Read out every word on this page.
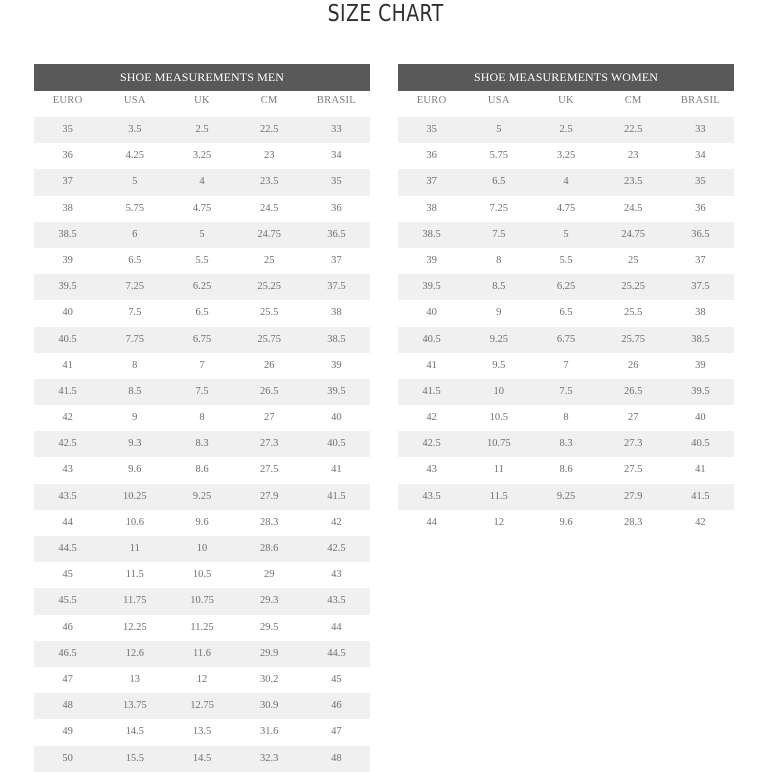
SIZE CHART
SHOE MEASUREMENTS MEN
EURO	USA	UK	CM	BRASIL
35	3.5	2.5	22.5	33
36	4.25	3.25	23	34
37	5	4	23.5	35
38	5.75	4.75	24.5	36
38.5	6	5	24.75	36.5
39	6.5	5.5	25	37
39.5	7.25	6.25	25.25	37.5
40	7.5	6.5	25.5	38
40.5	7.75	6.75	25.75	38.5
41	8	7	26	39
41.5	8.5	7.5	26.5	39.5
42	9	8	27	40
42.5	9.3	8.3	27.3	40.5
43	9.6	8.6	27.5	41
43.5	10.25	9.25	27.9	41.5
44	10.6	9.6	28.3	42
44.5	11	10	28.6	42.5
45	11.5	10.5	29	43
45.5	11.75	10.75	29.3	43.5
46	12.25	11.25	29.5	44
46.5	12.6	11.6	29.9	44.5
47	13	12	30.2	45
48	13.75	12.75	30.9	46
49	14.5	13.5	31.6	47
50	15.5	14.5	32.3	48
SHOE MEASUREMENTS WOMEN
EURO	USA	UK	CM	BRASIL
35	5	2.5	22.5	33
36	5.75	3.25	23	34
37	6.5	4	23.5	35
38	7.25	4.75	24.5	36
38.5	7.5	5	24.75	36.5
39	8	5.5	25	37
39.5	8.5	6.25	25.25	37.5
40	9	6.5	25.5	38
40.5	9.25	6.75	25.75	38.5
41	9.5	7	26	39
41.5	10	7.5	26.5	39.5
42	10.5	8	27	40
42.5	10.75	8.3	27.3	40.5
43	11	8.6	27.5	41
43.5	11.5	9.25	27.9	41.5
44	12	9.6	28.3	42
